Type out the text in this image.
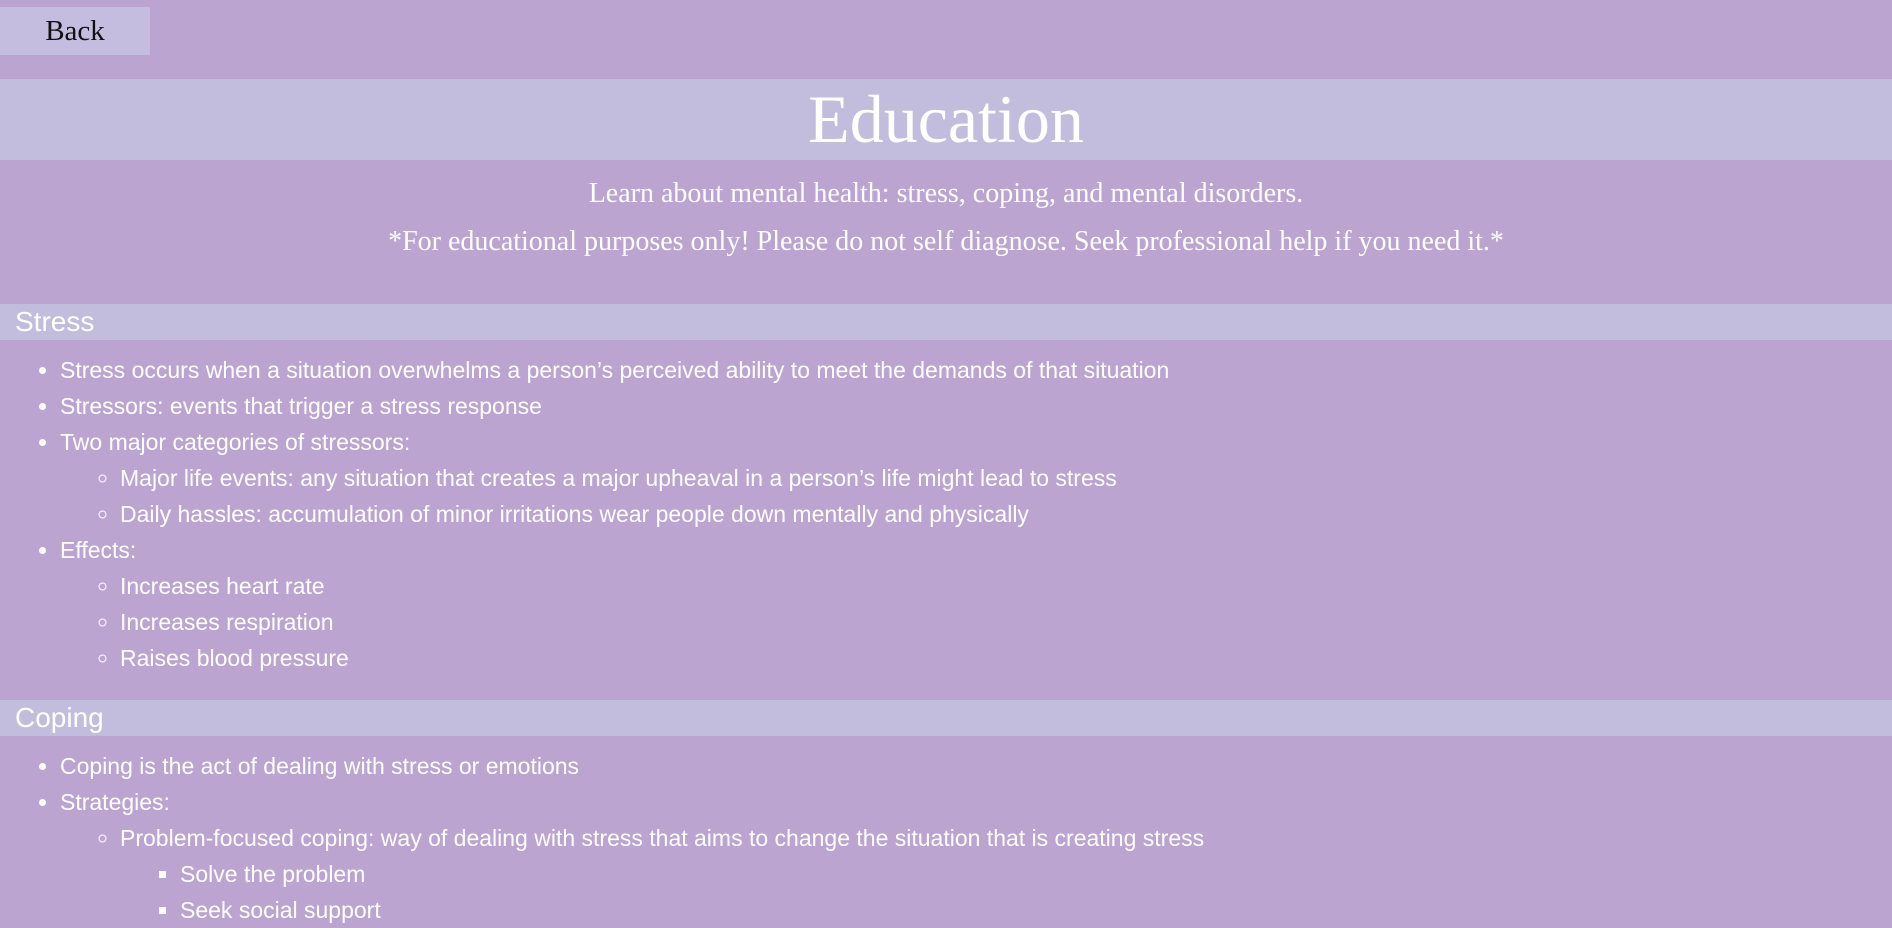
Back
Education

Learn about mental health: stress, coping, and mental disorders.

*For educational purposes only! Please do not self diagnose. Seek professional help if you need it.*

Stress
• Stress occurs when a situation overwhelms a person’s perceived ability to meet the demands of that situation
• Stressors: events that trigger a stress response
• Two major categories of stressors:
◦ Major life events: any situation that creates a major upheaval in a person’s life might lead to stress
◦ Daily hassles: accumulation of minor irritations wear people down mentally and physically
• Effects:
◦ Increases heart rate
◦ Increases respiration
◦ Raises blood pressure
Coping
• Coping is the act of dealing with stress or emotions
• Strategies:
◦ Problem-focused coping: way of dealing with stress that aims to change the situation that is creating stress
▪ Solve the problem
▪ Seek social support
